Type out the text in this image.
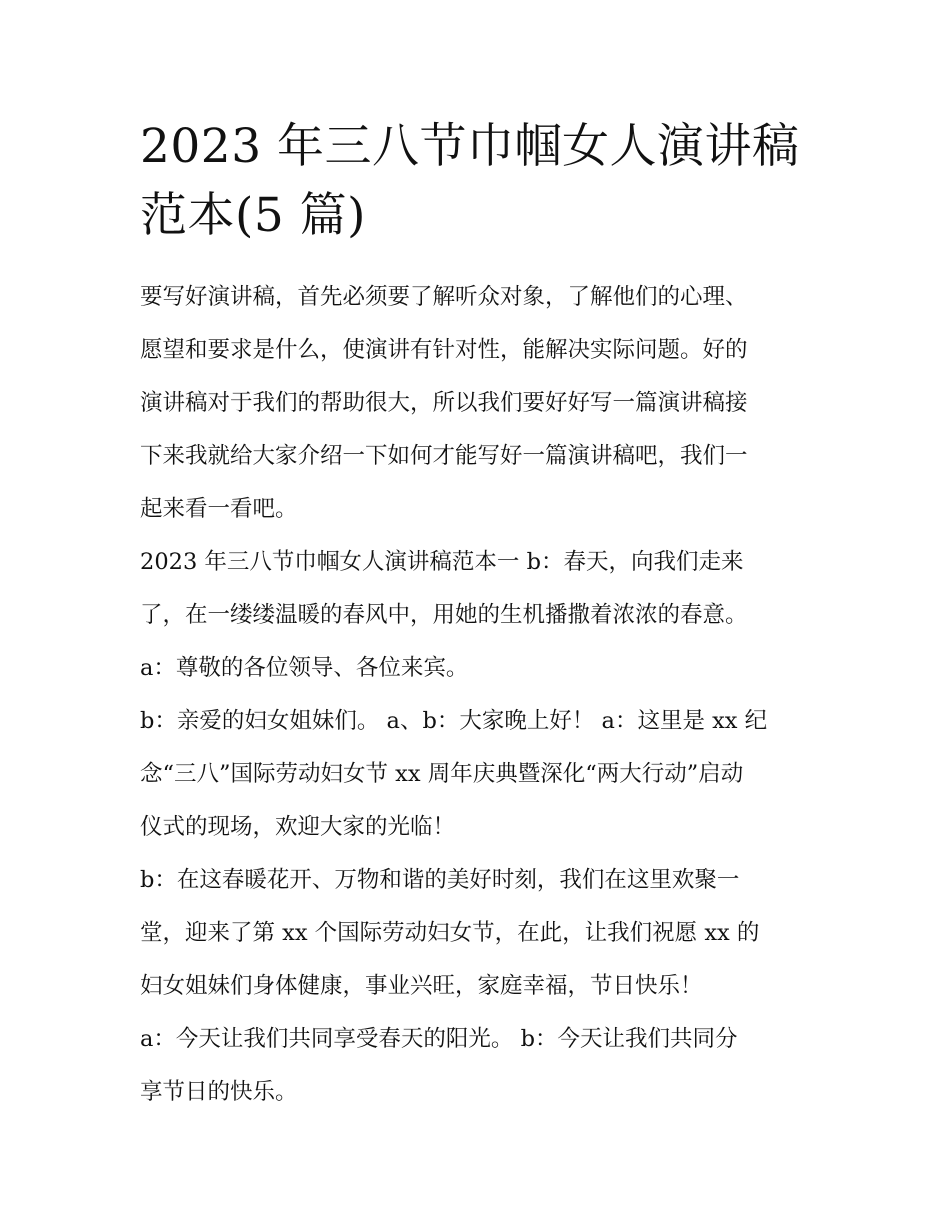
2023 年三八节巾帼女人演讲稿
范本(5 篇)
要写好演讲稿，首先必须要了解听众对象，了解他们的心理、
愿望和要求是什么，使演讲有针对性，能解决实际问题。好的
演讲稿对于我们的帮助很大，所以我们要好好写一篇演讲稿接
下来我就给大家介绍一下如何才能写好一篇演讲稿吧，我们一
起来看一看吧。
2023 年三八节巾帼女人演讲稿范本一 b：春天，向我们走来
了，在一缕缕温暖的春风中，用她的生机播撒着浓浓的春意。
a：尊敬的各位领导、各位来宾。
b：亲爱的妇女姐妹们。 a、b：大家晚上好！ a：这里是 xx 纪
念“三八”国际劳动妇女节 xx 周年庆典暨深化“两大行动”启动
仪式的现场，欢迎大家的光临！
b：在这春暖花开、万物和谐的美好时刻，我们在这里欢聚一
堂，迎来了第 xx 个国际劳动妇女节，在此，让我们祝愿 xx 的
妇女姐妹们身体健康，事业兴旺，家庭幸福，节日快乐！
a：今天让我们共同享受春天的阳光。 b：今天让我们共同分
享节日的快乐。
